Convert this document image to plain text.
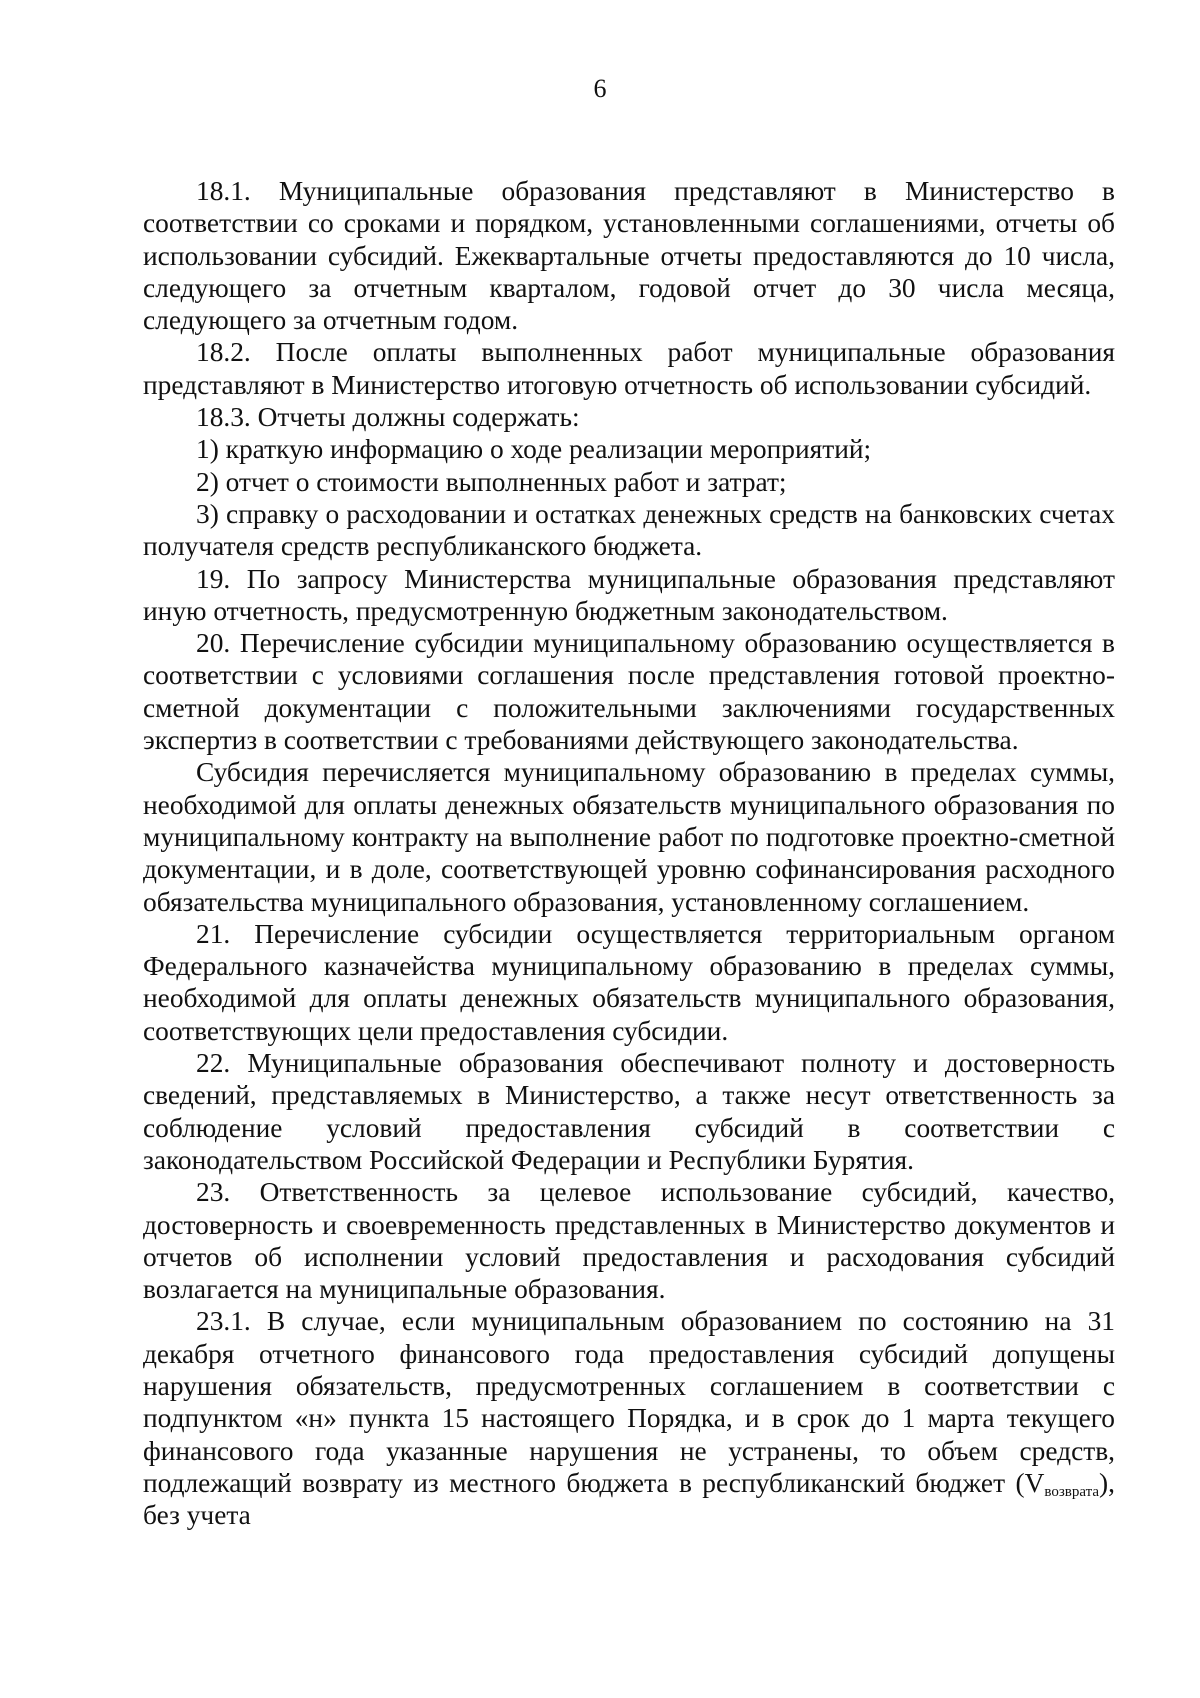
6

18.1. Муниципальные образования представляют в Министерство в соответствии со сроками и порядком, установленными соглашениями, отчеты об использовании субсидий. Ежеквартальные отчеты предоставляются до 10 числа, следующего за отчетным кварталом, годовой отчет до 30 числа месяца, следующего за отчетным годом.

18.2. После оплаты выполненных работ муниципальные образования представляют в Министерство итоговую отчетность об использовании субсидий.

18.3. Отчеты должны содержать:

1) краткую информацию о ходе реализации мероприятий;

2) отчет о стоимости выполненных работ и затрат;

3) справку о расходовании и остатках денежных средств на банковских счетах получателя средств республиканского бюджета.

19. По запросу Министерства муниципальные образования представляют иную отчетность, предусмотренную бюджетным законодательством.

20. Перечисление субсидии муниципальному образованию осуществляется в соответствии с условиями соглашения после представления готовой проектно-сметной документации с положительными заключениями государственных экспертиз в соответствии с требованиями действующего законодательства.

Субсидия перечисляется муниципальному образованию в пределах суммы, необходимой для оплаты денежных обязательств муниципального образования по муниципальному контракту на выполнение работ по подготовке проектно-сметной документации, и в доле, соответствующей уровню софинансирования расходного обязательства муниципального образования, установленному соглашением.

21. Перечисление субсидии осуществляется территориальным органом Федерального казначейства муниципальному образованию в пределах суммы, необходимой для оплаты денежных обязательств муниципального образования, соответствующих цели предоставления субсидии.

22. Муниципальные образования обеспечивают полноту и достоверность сведений, представляемых в Министерство, а также несут ответственность за соблюдение условий предоставления субсидий в соответствии с законодательством Российской Федерации и Республики Бурятия.

23. Ответственность за целевое использование субсидий, качество, достоверность и своевременность представленных в Министерство документов и отчетов об исполнении условий предоставления и расходования субсидий возлагается на муниципальные образования.

23.1. В случае, если муниципальным образованием по состоянию на 31 декабря отчетного финансового года предоставления субсидий допущены нарушения обязательств, предусмотренных соглашением в соответствии с подпунктом «н» пункта 15 настоящего Порядка, и в срок до 1 марта текущего финансового года указанные нарушения не устранены, то объем средств, подлежащий возврату из местного бюджета в республиканский бюджет $(V_{возврата})$, без учета
